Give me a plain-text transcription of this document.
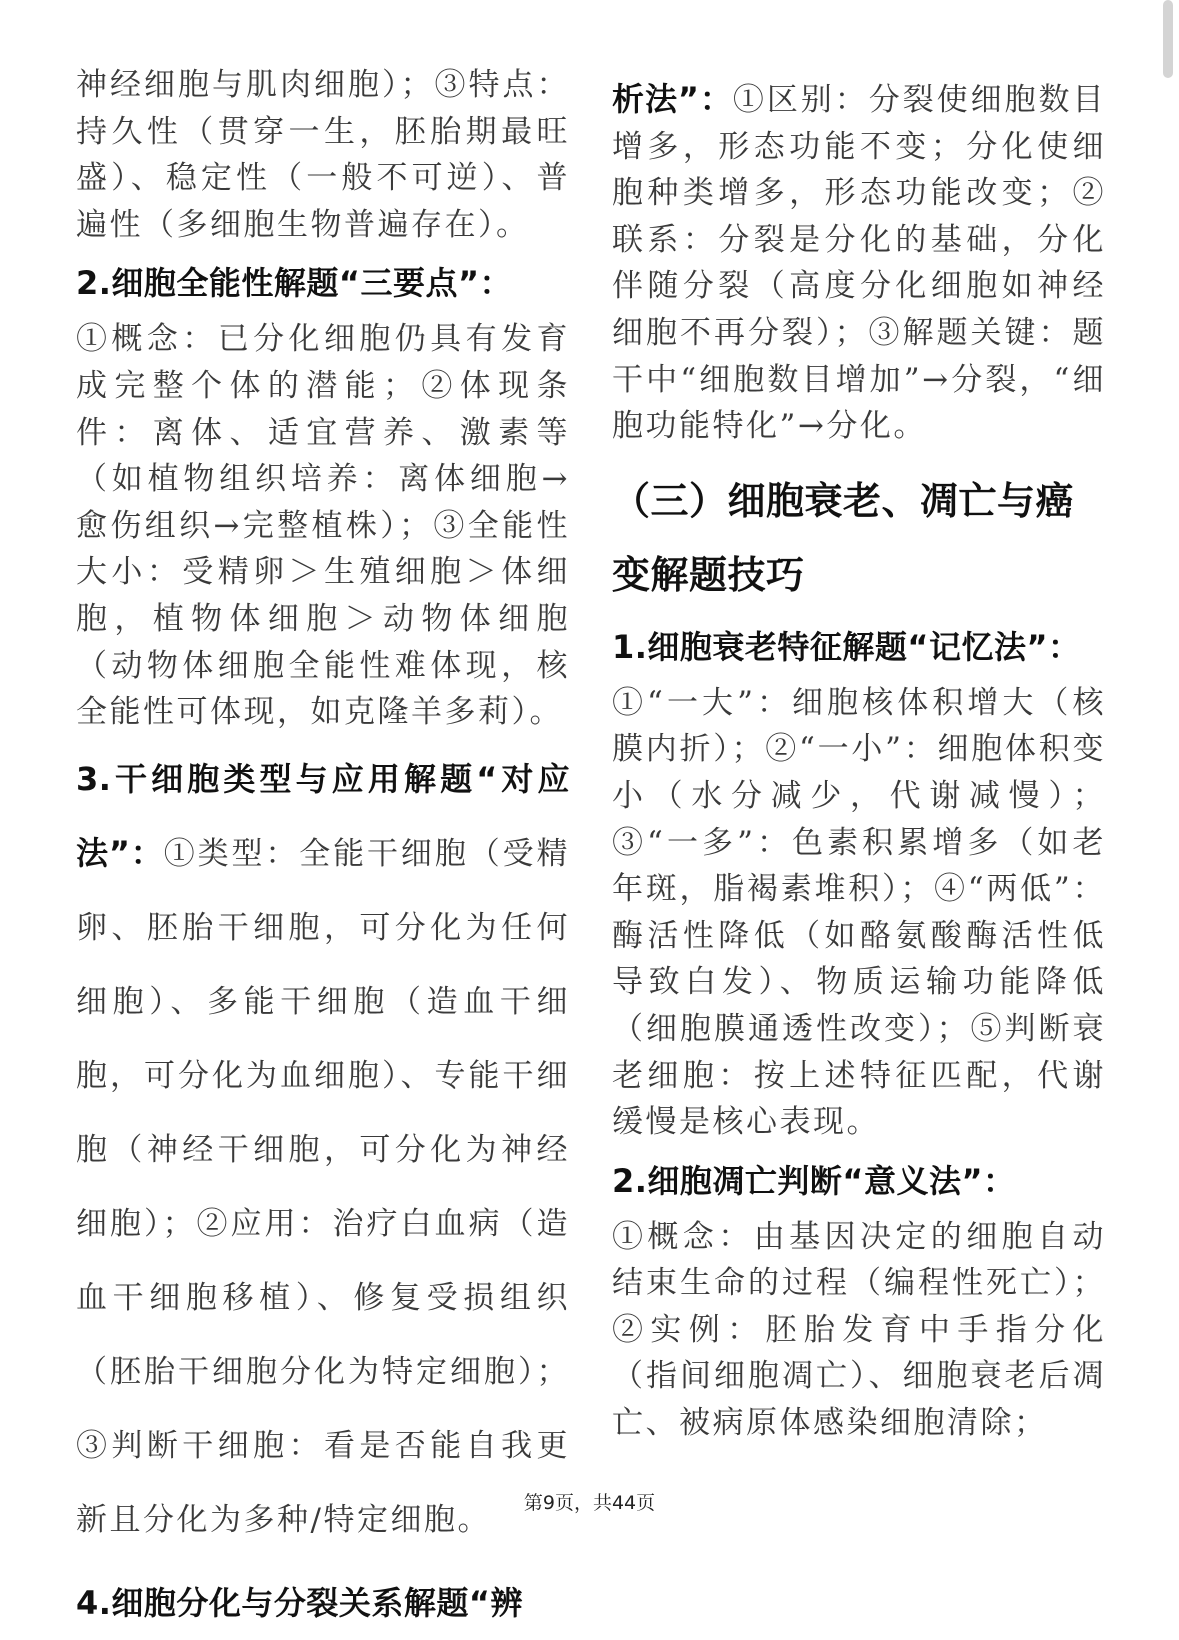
神经细胞与肌肉细胞）；③特点：持久性（贯穿一生，胚胎期最旺盛）、稳定性（一般不可逆）、普遍性（多细胞生物普遍存在）。

2.细胞全能性解题“三要点”：

①概念：已分化细胞仍具有发育成完整个体的潜能；②体现条件：离体、适宜营养、激素等（如植物组织培养：离体细胞→愈伤组织→完整植株）；③全能性大小：受精卵＞生殖细胞＞体细胞，植物体细胞＞动物体细胞（动物体细胞全能性难体现，核全能性可体现，如克隆羊多莉）。

3.干细胞类型与应用解题“对应法”：①类型：全能干细胞（受精卵、胚胎干细胞，可分化为任何细胞）、多能干细胞（造血干细胞，可分化为血细胞）、专能干细胞（神经干细胞，可分化为神经细胞）；②应用：治疗白血病（造血干细胞移植）、修复受损组织（胚胎干细胞分化为特定细胞）；③判断干细胞：看是否能自我更新且分化为多种/特定细胞。

4.细胞分化与分裂关系解题“辨

析法”：①区别：分裂使细胞数目增多，形态功能不变；分化使细胞种类增多，形态功能改变；②联系：分裂是分化的基础，分化伴随分裂（高度分化细胞如神经细胞不再分裂）；③解题关键：题干中“细胞数目增加”→分裂，“细胞功能特化”→分化。

（三）细胞衰老、凋亡与癌变解题技巧

1.细胞衰老特征解题“记忆法”：

①“一大”：细胞核体积增大（核膜内折）；②“一小”：细胞体积变小（水分减少，代谢减慢）；③“一多”：色素积累增多（如老年斑，脂褐素堆积）；④“两低”：酶活性降低（如酪氨酸酶活性低导致白发）、物质运输功能降低（细胞膜通透性改变）；⑤判断衰老细胞：按上述特征匹配，代谢缓慢是核心表现。

2.细胞凋亡判断“意义法”：

①概念：由基因决定的细胞自动结束生命的过程（编程性死亡）；②实例：胚胎发育中手指分化（指间细胞凋亡）、细胞衰老后凋亡、被病原体感染细胞清除；

第9页，共44页
